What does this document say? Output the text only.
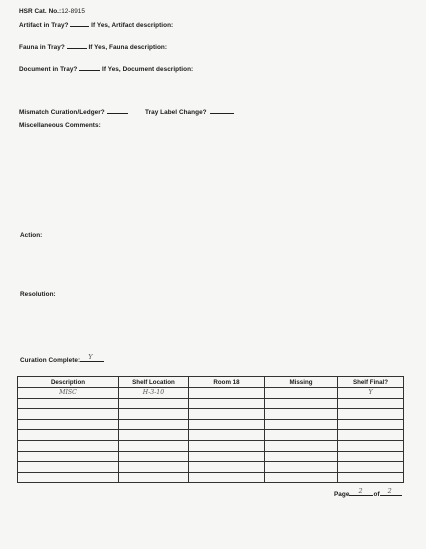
HSR Cat. No.:12-8915
Artifact in Tray?	If Yes, Artifact description:
Fauna in Tray?	If Yes, Fauna description:
Document in Tray?	If Yes, Document description:
Mismatch Curation/Ledger?	Tray Label Change?
Miscellaneous Comments:
Action:
Resolution:
Curation Complete: Y
Description	Shelf Location	Room 18	Missing	Shelf Final?
MISC	H-3-10			Y

Page 2 of 2
